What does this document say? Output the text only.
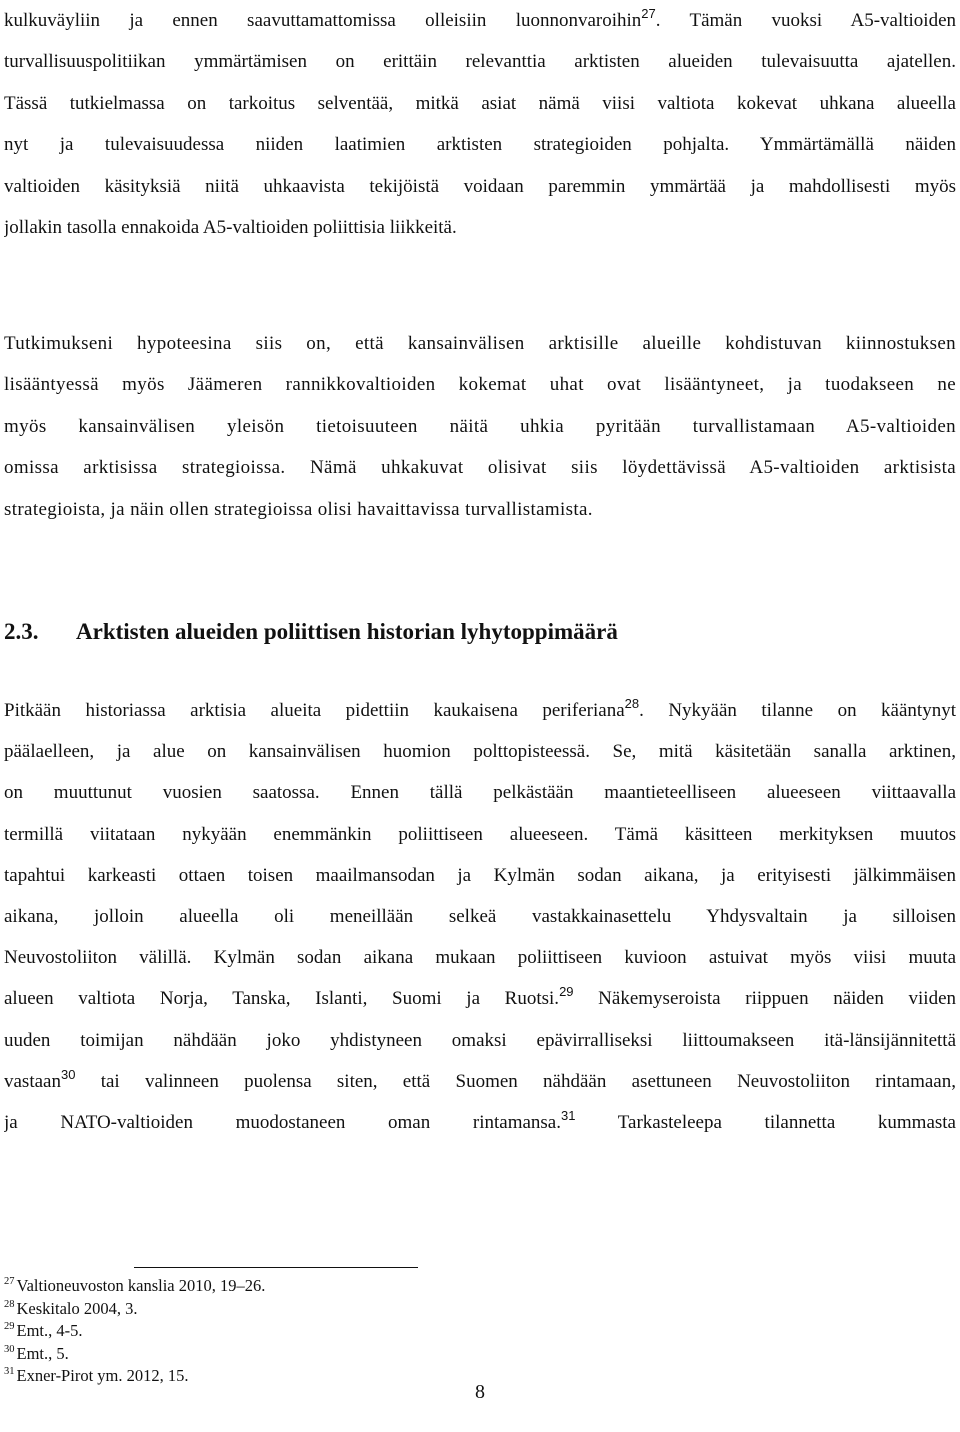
kulkuväyliin ja ennen saavuttamattomissa olleisiin luonnonvaroihin$^{27}$. Tämän vuoksi A5-valtioiden
turvallisuuspolitiikan ymmärtämisen on erittäin relevanttia arktisten alueiden tulevaisuutta ajatellen.
Tässä tutkielmassa on tarkoitus selventää, mitkä asiat nämä viisi valtiota kokevat uhkana alueella
nyt ja tulevaisuudessa niiden laatimien arktisten strategioiden pohjalta. Ymmärtämällä näiden
valtioiden käsityksiä niitä uhkaavista tekijöistä voidaan paremmin ymmärtää ja mahdollisesti myös
jollakin tasolla ennakoida A5-valtioiden poliittisia liikkeitä.
Tutkimukseni hypoteesina siis on, että kansainvälisen arktisille alueille kohdistuvan kiinnostuksen
lisääntyessä myös Jäämeren rannikkovaltioiden kokemat uhat ovat lisääntyneet, ja tuodakseen ne
myös kansainvälisen yleisön tietoisuuteen näitä uhkia pyritään turvallistamaan A5-valtioiden
omissa arktisissa strategioissa. Nämä uhkakuvat olisivat siis löydettävissä A5-valtioiden arktisista
strategioista, ja näin ollen strategioissa olisi havaittavissa turvallistamista.
2.3. Arktisten alueiden poliittisen historian lyhytoppimäärä
Pitkään historiassa arktisia alueita pidettiin kaukaisena periferiana$^{28}$. Nykyään tilanne on kääntynyt
päälaelleen, ja alue on kansainvälisen huomion polttopisteessä. Se, mitä käsitetään sanalla arktinen,
on muuttunut vuosien saatossa. Ennen tällä pelkästään maantieteelliseen alueeseen viittaavalla
termillä viitataan nykyään enemmänkin poliittiseen alueeseen. Tämä käsitteen merkityksen muutos
tapahtui karkeasti ottaen toisen maailmansodan ja Kylmän sodan aikana, ja erityisesti jälkimmäisen
aikana, jolloin alueella oli meneillään selkeä vastakkainasettelu Yhdysvaltain ja silloisen
Neuvostoliiton välillä. Kylmän sodan aikana mukaan poliittiseen kuvioon astuivat myös viisi muuta
alueen valtiota Norja, Tanska, Islanti, Suomi ja Ruotsi.$^{29}$ Näkemyseroista riippuen näiden viiden
uuden toimijan nähdään joko yhdistyneen omaksi epävirralliseksi liittoumakseen itä-länsijännitettä
vastaan$^{30}$ tai valinneen puolensa siten, että Suomen nähdään asettuneen Neuvostoliiton rintamaan,
ja NATO-valtioiden muodostaneen oman rintamansa.$^{31}$ Tarkasteleepa tilannetta kummasta
$^{27}$ Valtioneuvoston kanslia 2010, 19–26.
$^{28}$ Keskitalo 2004, 3.
$^{29}$ Emt., 4-5.
$^{30}$ Emt., 5.
$^{31}$ Exner-Pirot ym. 2012, 15.
8
